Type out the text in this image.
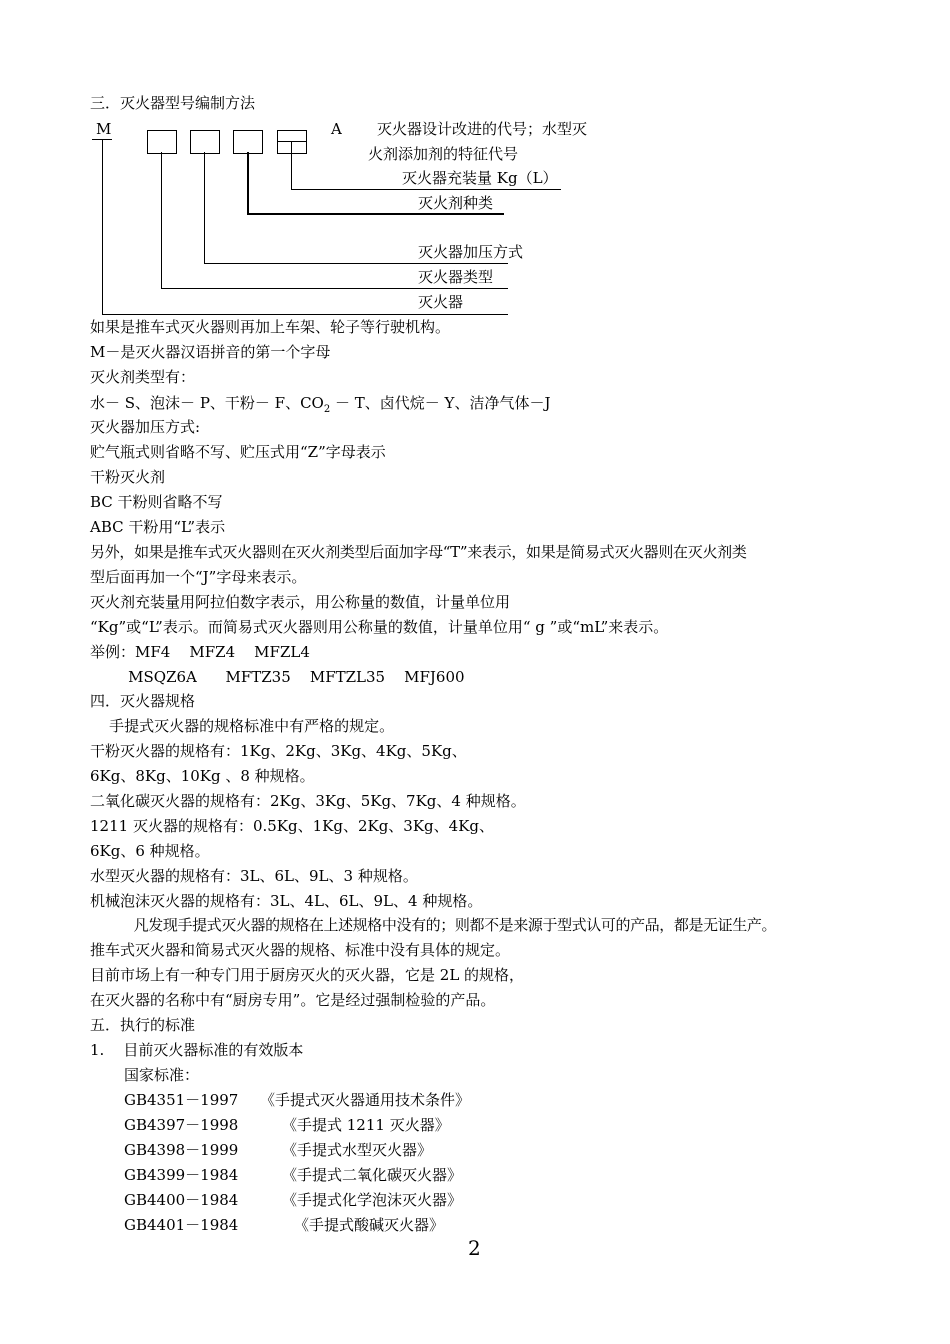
三．灭火器型号编制方法
M	A 灭火器设计改进的代号；水型灭
火剂添加剂的特征代号
灭火器充装量 Kg（L）
灭火剂种类
灭火器加压方式
灭火器类型
灭火器
如果是推车式灭火器则再加上车架、轮子等行驶机构。
M－是灭火器汉语拼音的第一个字母
灭火剂类型有：
水－ S、泡沫－ P、干粉－ F、$CO_2 - T$、卤代烷－ Y、洁净气体－J
灭火器加压方式:
贮气瓶式则省略不写、贮压式用“Z”字母表示
干粉灭火剂
BC 干粉则省略不写
ABC 干粉用“L”表示
另外，如果是推车式灭火器则在灭火剂类型后面加字母“T”来表示，如果是简易式灭火器则在灭火剂类
型后面再加一个“J”字母来表示。
灭火剂充装量用阿拉伯数字表示，用公称量的数值，计量单位用
“Kg”或“L”表示。而简易式灭火器则用公称量的数值，计量单位用“ g ”或“mL”来表示。
举例：MF4    MFZ4    MFZL4
MSQZ6A      MFTZ35    MFTZL35    MFJ600
四．灭火器规格
手提式灭火器的规格标准中有严格的规定。
干粉灭火器的规格有：1Kg、2Kg、3Kg、4Kg、5Kg、
6Kg、8Kg、10Kg 、8 种规格。
二氧化碳灭火器的规格有：2Kg、3Kg、5Kg、7Kg、4 种规格。
1211 灭火器的规格有：0.5Kg、1Kg、2Kg、3Kg、4Kg、
6Kg、6 种规格。
水型灭火器的规格有：3L、6L、9L、3 种规格。
机械泡沫灭火器的规格有：3L、4L、6L、9L、4 种规格。
凡发现手提式灭火器的规格在上述规格中没有的；则都不是来源于型式认可的产品，都是无证生产。
推车式灭火器和简易式灭火器的规格、标准中没有具体的规定。
目前市场上有一种专门用于厨房灭火的灭火器，它是 2L 的规格，
在灭火器的名称中有“厨房专用”。它是经过强制检验的产品。
五．执行的标准
1.    目前灭火器标准的有效版本
国家标准：
GB4351－1997 《手提式灭火器通用技术条件》
GB4397－1998	《手提式 1211 灭火器》
GB4398－1999	《手提式水型灭火器》
GB4399－1984	《手提式二氧化碳灭火器》
GB4400－1984	《手提式化学泡沫灭火器》
GB4401－1984	《手提式酸碱灭火器》
2
